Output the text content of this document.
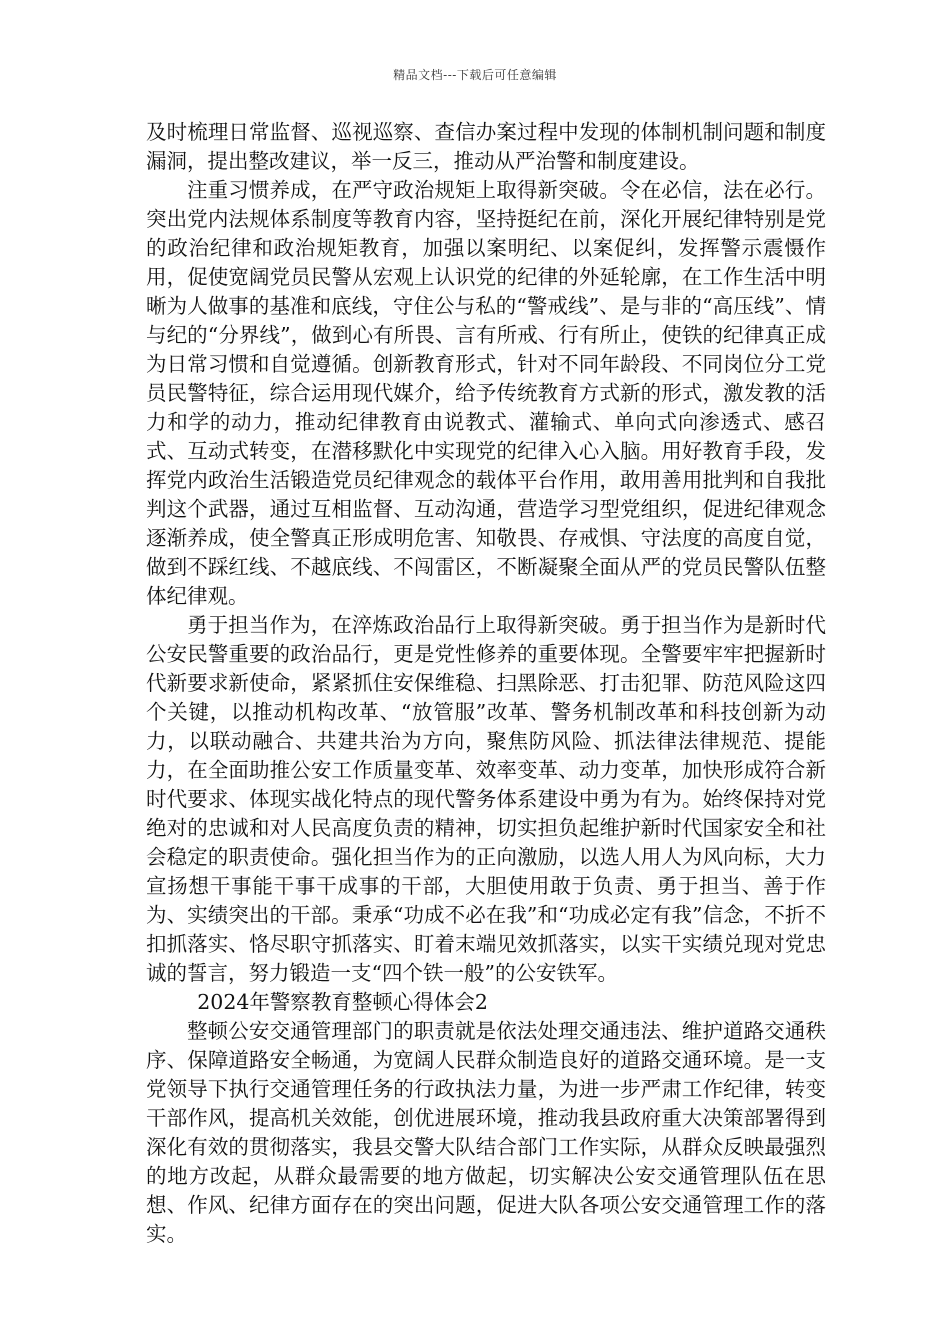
精品文档---下载后可任意编辑

及时梳理日常监督、巡视巡察、查信办案过程中发现的体制机制问题和制度漏洞，提出整改建议，举一反三，推动从严治警和制度建设。

注重习惯养成，在严守政治规矩上取得新突破。令在必信，法在必行。突出党内法规体系制度等教育内容，坚持挺纪在前，深化开展纪律特别是党的政治纪律和政治规矩教育，加强以案明纪、以案促纠，发挥警示震慑作用，促使宽阔党员民警从宏观上认识党的纪律的外延轮廓，在工作生活中明晰为人做事的基准和底线，守住公与私的“警戒线”、是与非的“高压线”、情与纪的“分界线”，做到心有所畏、言有所戒、行有所止，使铁的纪律真正成为日常习惯和自觉遵循。创新教育形式，针对不同年龄段、不同岗位分工党员民警特征，综合运用现代媒介，给予传统教育方式新的形式，激发教的活力和学的动力，推动纪律教育由说教式、灌输式、单向式向渗透式、感召式、互动式转变，在潜移默化中实现党的纪律入心入脑。用好教育手段，发挥党内政治生活锻造党员纪律观念的载体平台作用，敢用善用批判和自我批判这个武器，通过互相监督、互动沟通，营造学习型党组织，促进纪律观念逐渐养成，使全警真正形成明危害、知敬畏、存戒惧、守法度的高度自觉，做到不踩红线、不越底线、不闯雷区，不断凝聚全面从严的党员民警队伍整体纪律观。

勇于担当作为，在淬炼政治品行上取得新突破。勇于担当作为是新时代公安民警重要的政治品行，更是党性修养的重要体现。全警要牢牢把握新时代新要求新使命，紧紧抓住安保维稳、扫黑除恶、打击犯罪、防范风险这四个关键，以推动机构改革、“放管服”改革、警务机制改革和科技创新为动力，以联动融合、共建共治为方向，聚焦防风险、抓法律法律规范、提能力，在全面助推公安工作质量变革、效率变革、动力变革，加快形成符合新时代要求、体现实战化特点的现代警务体系建设中勇为有为。始终保持对党绝对的忠诚和对人民高度负责的精神，切实担负起维护新时代国家安全和社会稳定的职责使命。强化担当作为的正向激励，以选人用人为风向标，大力宣扬想干事能干事干成事的干部，大胆使用敢于负责、勇于担当、善于作为、实绩突出的干部。秉承“功成不必在我”和“功成必定有我”信念，不折不扣抓落实、恪尽职守抓落实、盯着末端见效抓落实，以实干实绩兑现对党忠诚的誓言，努力锻造一支“四个铁一般”的公安铁军。

2024年警察教育整顿心得体会2

整顿公安交通管理部门的职责就是依法处理交通违法、维护道路交通秩序、保障道路安全畅通，为宽阔人民群众制造良好的道路交通环境。是一支党领导下执行交通管理任务的行政执法力量，为进一步严肃工作纪律，转变干部作风，提高机关效能，创优进展环境，推动我县政府重大决策部署得到深化有效的贯彻落实，我县交警大队结合部门工作实际，从群众反映最强烈的地方改起，从群众最需要的地方做起，切实解决公安交通管理队伍在思想、作风、纪律方面存在的突出问题，促进大队各项公安交通管理工作的落实。
